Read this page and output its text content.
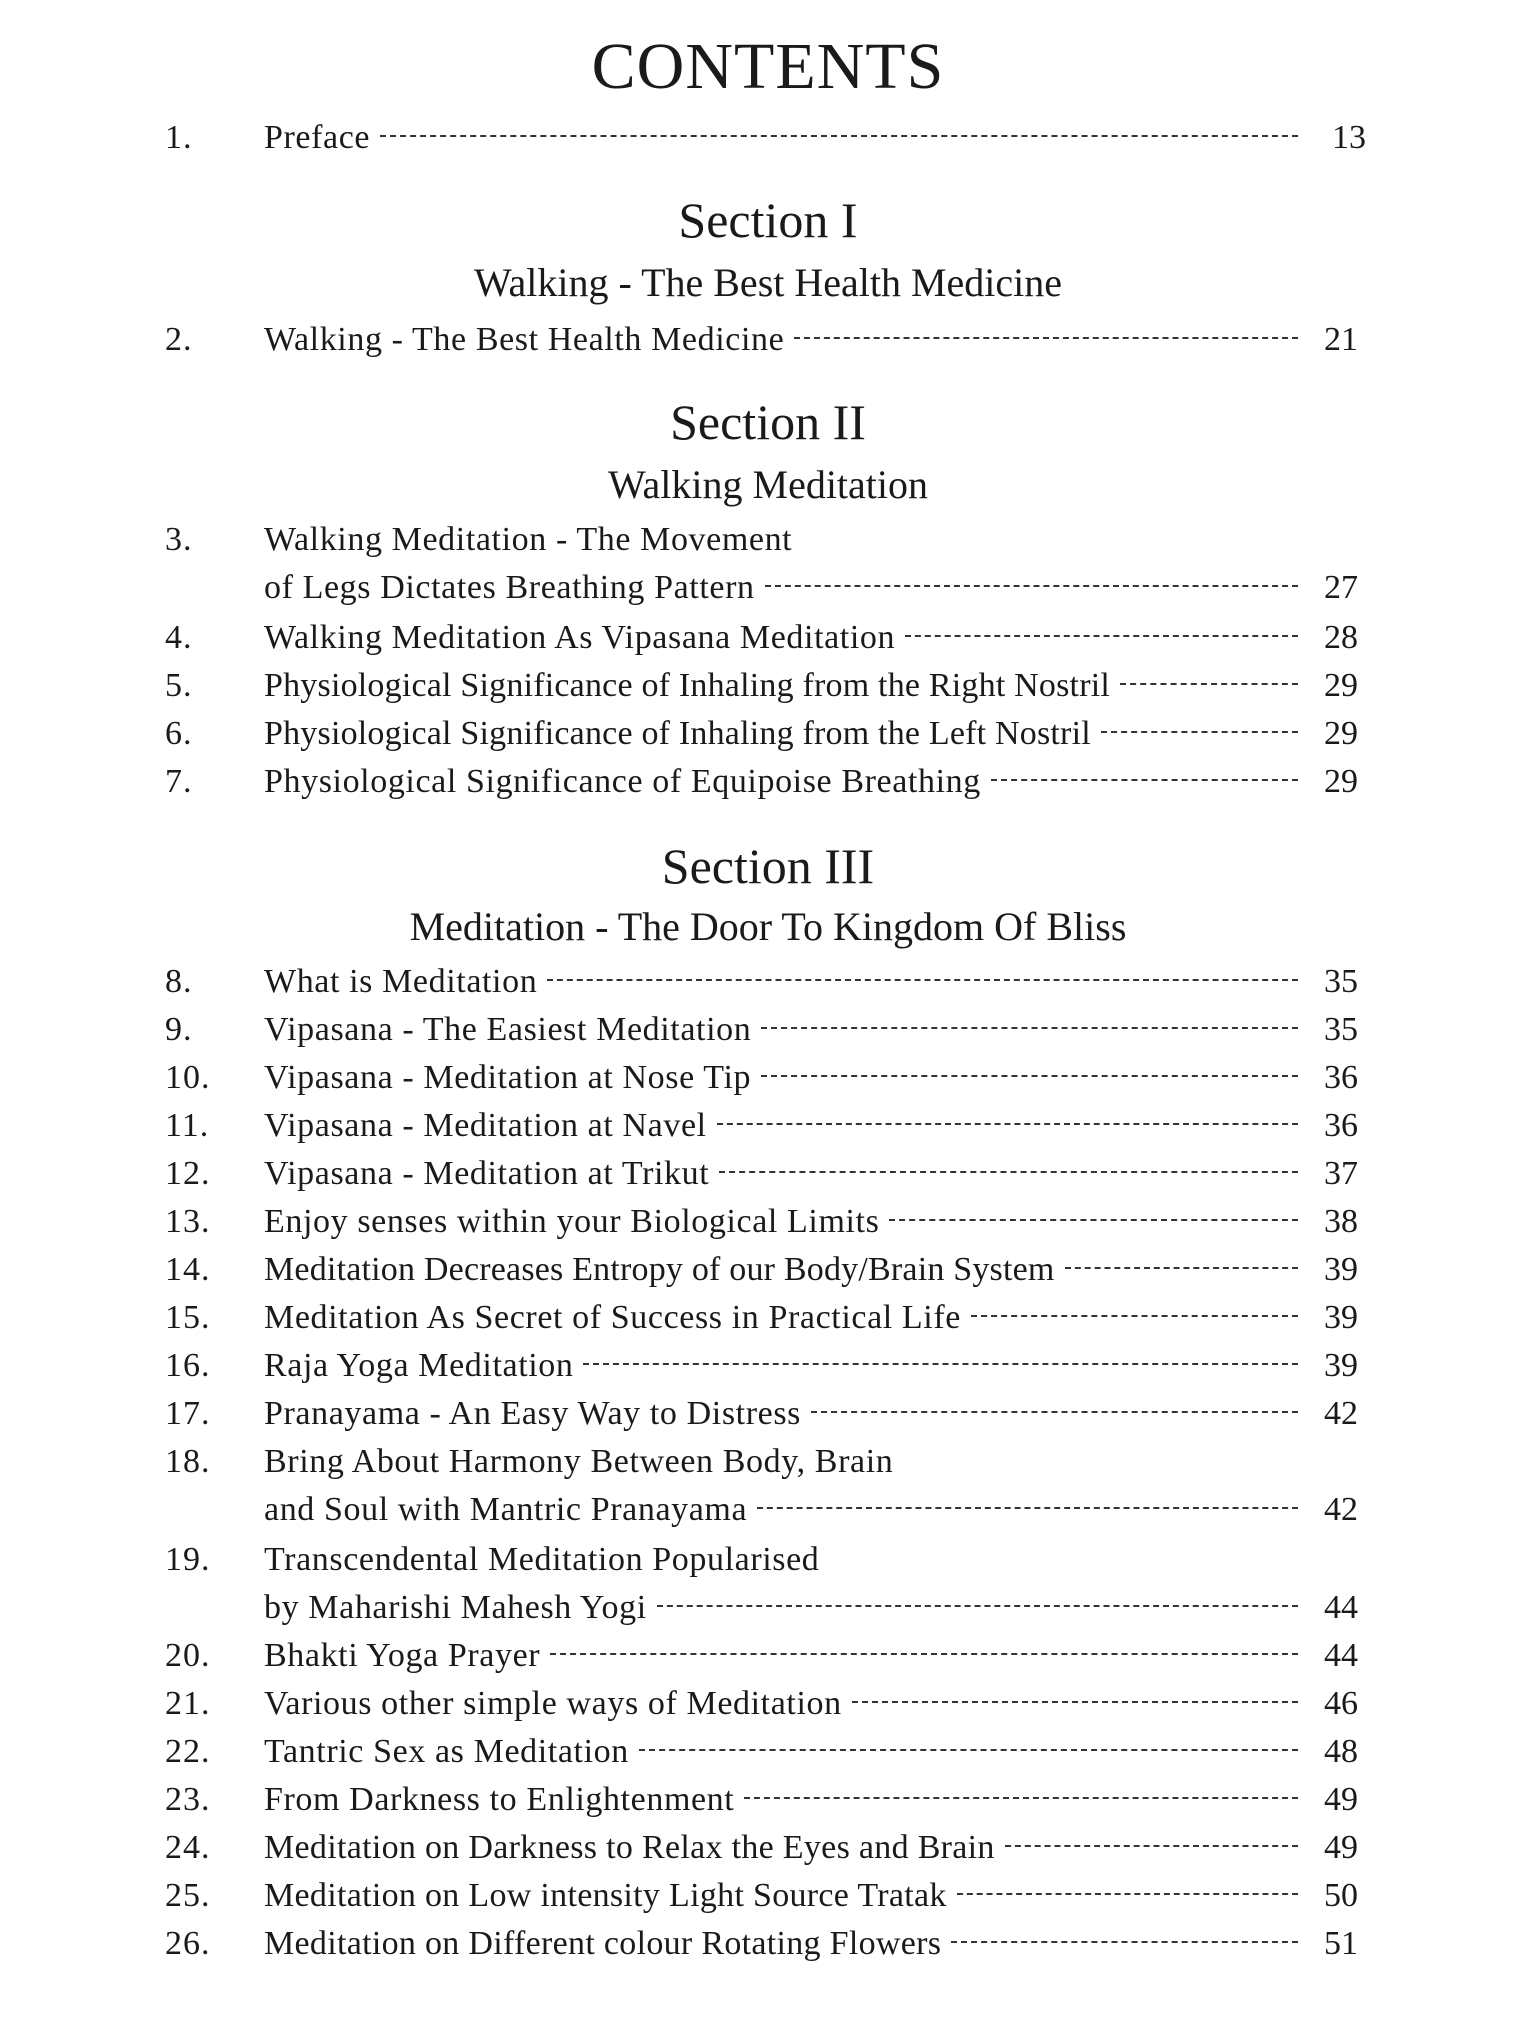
CONTENTS
1. Preface	13
Section I
Walking - The Best Health Medicine
2. Walking - The Best Health Medicine	21
Section II
Walking Meditation
3. Walking Meditation - The Movement
of Legs Dictates Breathing Pattern	27
4. Walking Meditation As Vipasana Meditation	28
5. Physiological Significance of Inhaling from the Right Nostril	29
6. Physiological Significance of Inhaling from the Left Nostril	29
7. Physiological Significance of Equipoise Breathing	29
Section III
Meditation - The Door To Kingdom Of Bliss
8. What is Meditation	35
9. Vipasana - The Easiest Meditation	35
10. Vipasana - Meditation at Nose Tip	36
11. Vipasana - Meditation at Navel	36
12. Vipasana - Meditation at Trikut	37
13. Enjoy senses within your Biological Limits	38
14. Meditation Decreases Entropy of our Body/Brain System	39
15. Meditation As Secret of Success in Practical Life	39
16. Raja Yoga Meditation	39
17. Pranayama - An Easy Way to Distress	42
18. Bring About Harmony Between Body, Brain
and Soul with Mantric Pranayama	42
19. Transcendental Meditation Popularised
by Maharishi Mahesh Yogi	44
20. Bhakti Yoga Prayer	44
21. Various other simple ways of Meditation	46
22. Tantric Sex as Meditation	48
23. From Darkness to Enlightenment	49
24. Meditation on Darkness to Relax the Eyes and Brain	49
25. Meditation on Low intensity Light Source Tratak	50
26. Meditation on Different colour Rotating Flowers	51
